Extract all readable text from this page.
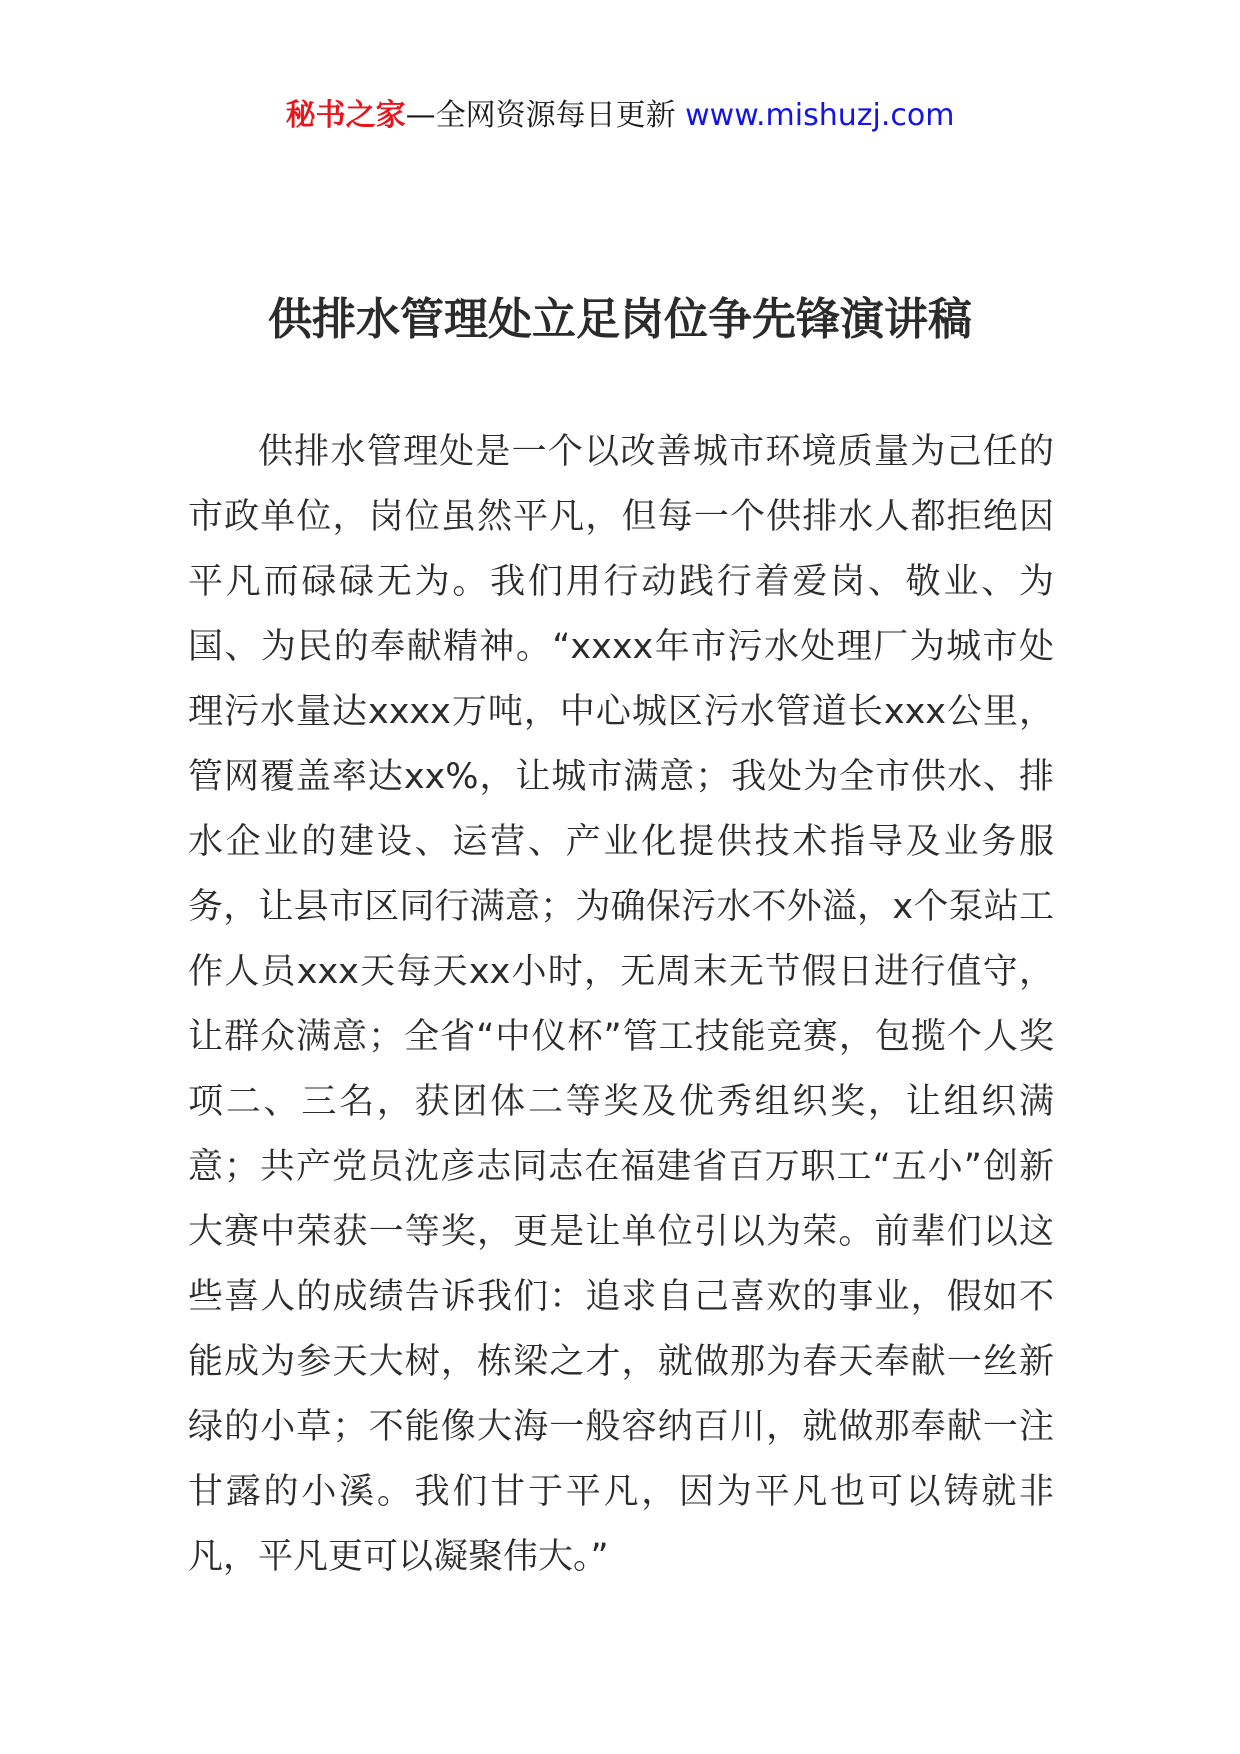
秘书之家—全网资源每日更新 www.mishuzj.com
供排水管理处立足岗位争先锋演讲稿

供排水管理处是一个以改善城市环境质量为己任的市政单位，岗位虽然平凡，但每一个供排水人都拒绝因平凡而碌碌无为。我们用行动践行着爱岗、敬业、为国、为民的奉献精神。“xxxx年市污水处理厂为城市处理污水量达xxxx万吨，中心城区污水管道长xxx公里，管网覆盖率达xx%，让城市满意；我处为全市供水、排水企业的建设、运营、产业化提供技术指导及业务服务，让县市区同行满意；为确保污水不外溢，x个泵站工作人员xxx天每天xx小时，无周末无节假日进行值守，让群众满意；全省“中仪杯”管工技能竞赛，包揽个人奖项二、三名，获团体二等奖及优秀组织奖，让组织满意；共产党员沈彦志同志在福建省百万职工“五小”创新大赛中荣获一等奖，更是让单位引以为荣。前辈们以这些喜人的成绩告诉我们：追求自己喜欢的事业，假如不能成为参天大树，栋梁之才，就做那为春天奉献一丝新绿的小草；不能像大海一般容纳百川，就做那奉献一注甘露的小溪。我们甘于平凡，因为平凡也可以铸就非凡，平凡更可以凝聚伟大。”
